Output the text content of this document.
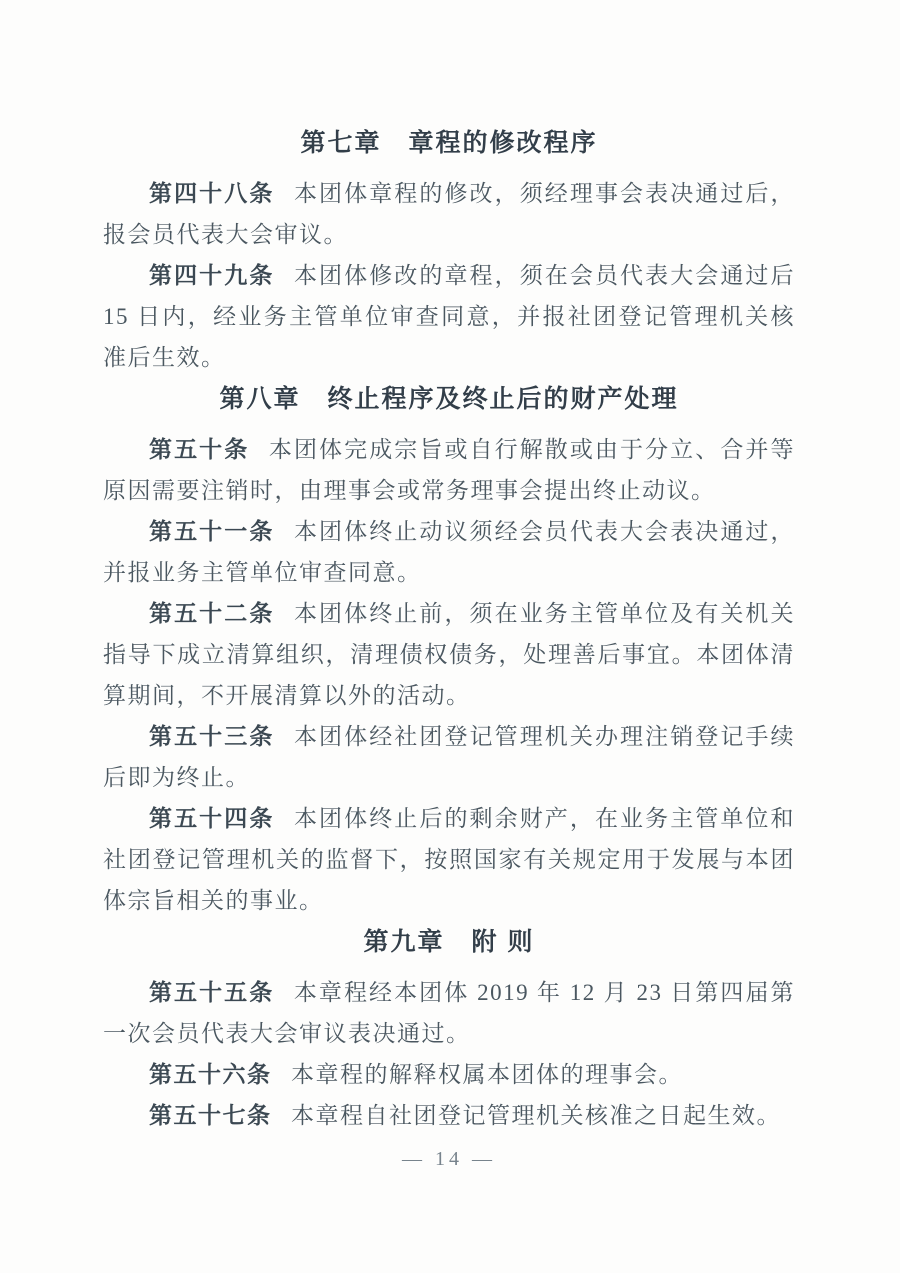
第七章　章程的修改程序

第四十八条 本团体章程的修改，须经理事会表决通过后，报会员代表大会审议。

第四十九条 本团体修改的章程，须在会员代表大会通过后 15 日内，经业务主管单位审查同意，并报社团登记管理机关核准后生效。

第八章　终止程序及终止后的财产处理

第五十条 本团体完成宗旨或自行解散或由于分立、合并等原因需要注销时，由理事会或常务理事会提出终止动议。

第五十一条 本团体终止动议须经会员代表大会表决通过，并报业务主管单位审查同意。

第五十二条 本团体终止前，须在业务主管单位及有关机关指导下成立清算组织，清理债权债务，处理善后事宜。本团体清算期间，不开展清算以外的活动。

第五十三条 本团体经社团登记管理机关办理注销登记手续后即为终止。

第五十四条 本团体终止后的剩余财产，在业务主管单位和社团登记管理机关的监督下，按照国家有关规定用于发展与本团体宗旨相关的事业。

第九章　附 则

第五十五条 本章程经本团体 2019 年 12 月 23 日第四届第一次会员代表大会审议表决通过。

第五十六条 本章程的解释权属本团体的理事会。

第五十七条 本章程自社团登记管理机关核准之日起生效。

— 14 —
